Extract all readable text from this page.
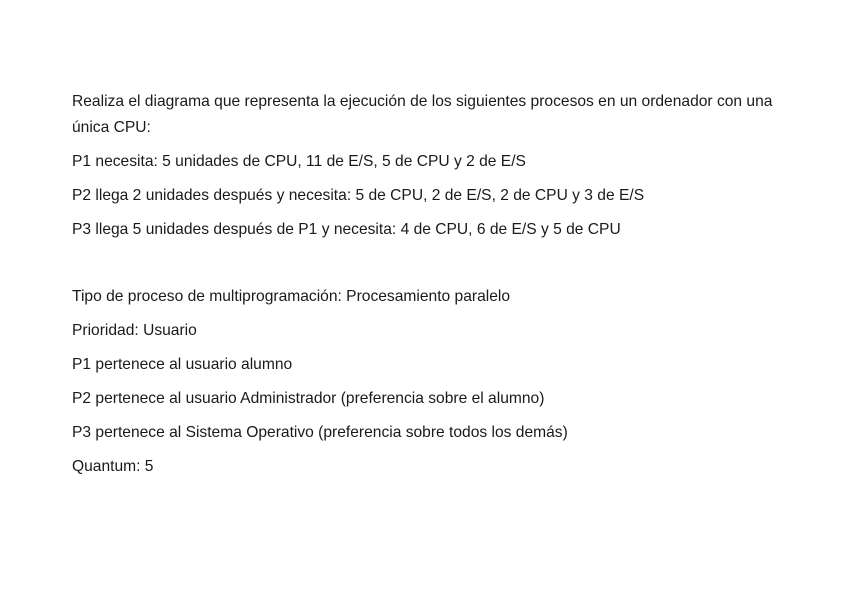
Realiza el diagrama que representa la ejecución de los siguientes procesos en un ordenador con una única CPU:

P1 necesita: 5 unidades de CPU, 11 de E/S, 5 de CPU y 2 de E/S

P2 llega 2 unidades después y necesita: 5 de CPU, 2 de E/S, 2 de CPU y 3 de E/S

P3 llega 5 unidades después de P1 y necesita: 4 de CPU, 6 de E/S y 5 de CPU

Tipo de proceso de multiprogramación: Procesamiento paralelo

Prioridad: Usuario

P1 pertenece al usuario alumno

P2 pertenece al usuario Administrador (preferencia sobre el alumno)

P3 pertenece al Sistema Operativo (preferencia sobre todos los demás)

Quantum: 5
